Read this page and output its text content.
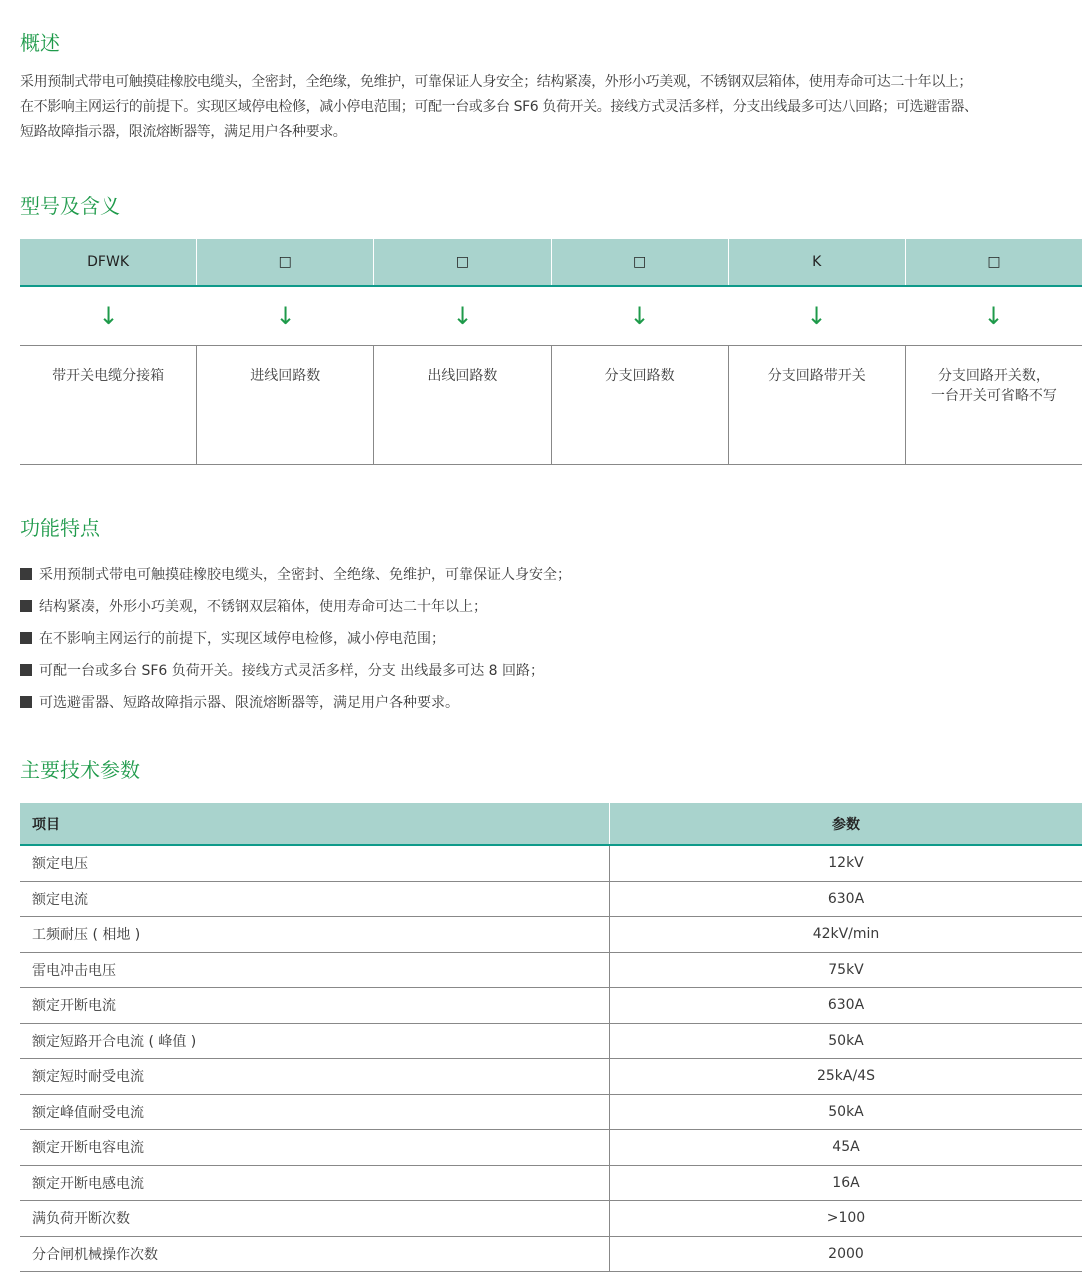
概述
采用预制式带电可触摸硅橡胶电缆头，全密封，全绝缘，免维护，可靠保证人身安全；结构紧凑，外形小巧美观，不锈钢双层箱体，使用寿命可达二十年以上；
在不影响主网运行的前提下。实现区域停电检修，减小停电范围；可配一台或多台 SF6 负荷开关。接线方式灵活多样，分支出线最多可达八回路；可选避雷器、
短路故障指示器，限流熔断器等，满足用户各种要求。
型号及含义
DFWK	□	□	□	K	□
↓	↓	↓	↓	↓	↓
带开关电缆分接箱	进线回路数	出线回路数	分支回路数	分支回路带开关	分支回路开关数，
一台开关可省略不写
功能特点
采用预制式带电可触摸硅橡胶电缆头，全密封、全绝缘、免维护，可靠保证人身安全；
结构紧凑，外形小巧美观，不锈钢双层箱体，使用寿命可达二十年以上；
在不影响主网运行的前提下，实现区域停电检修，减小停电范围；
可配一台或多台 SF6 负荷开关。接线方式灵活多样，分支 出线最多可达 8 回路；
可选避雷器、短路故障指示器、限流熔断器等，满足用户各种要求。
主要技术参数
项目	参数
额定电压	12kV
额定电流	630A
工频耐压 ( 相地 )	42kV/min
雷电冲击电压	75kV
额定开断电流	630A
额定短路开合电流 ( 峰值 )	50kA
额定短时耐受电流	25kA/4S
额定峰值耐受电流	50kA
额定开断电容电流	45A
额定开断电感电流	16A
满负荷开断次数	>100
分合闸机械操作次数	2000
